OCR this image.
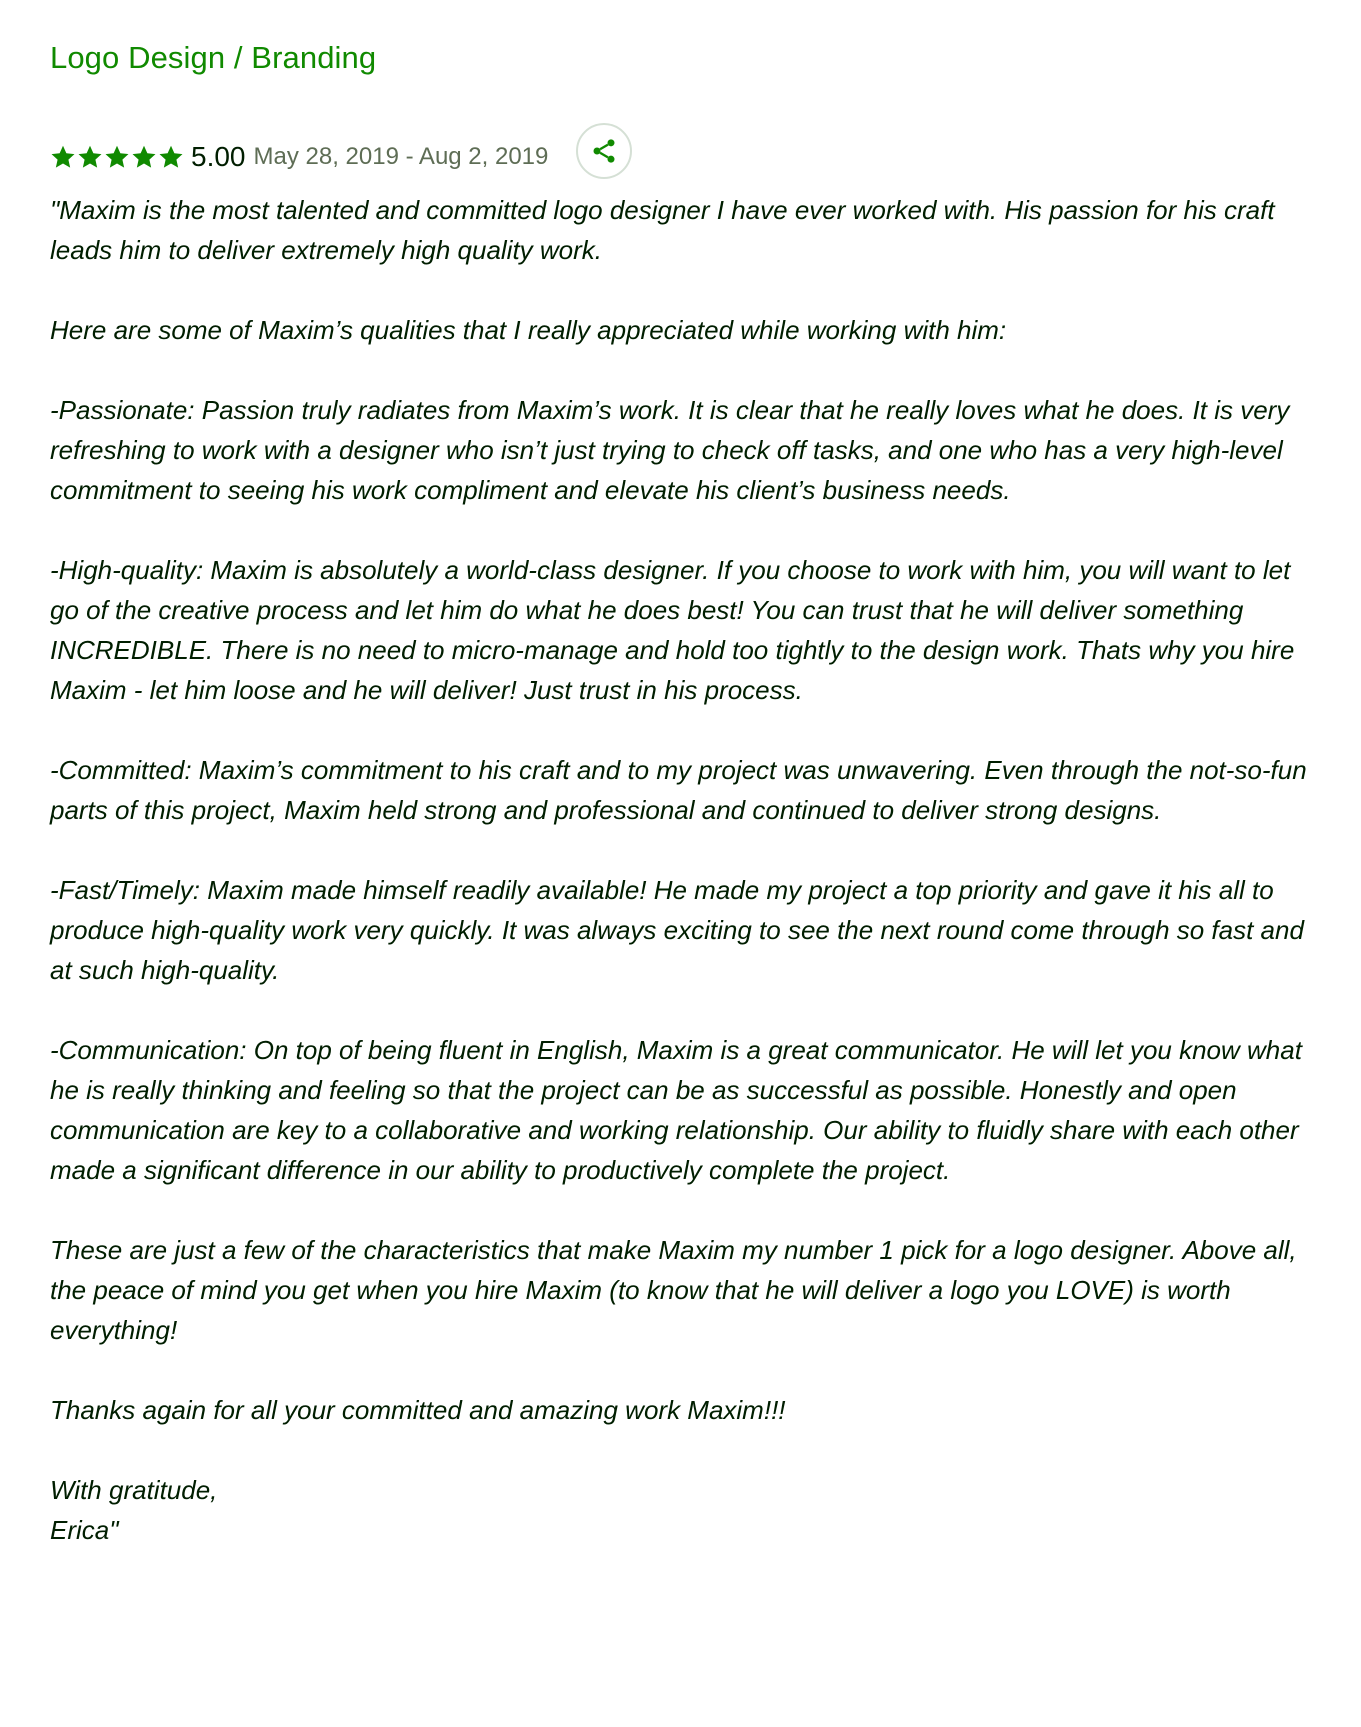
Logo Design / Branding
5.00 May 28, 2019 - Aug 2, 2019

"Maxim is the most talented and committed logo designer I have ever worked with. His passion for his craft leads him to deliver extremely high quality work.

Here are some of Maxim’s qualities that I really appreciated while working with him:

-Passionate: Passion truly radiates from Maxim’s work. It is clear that he really loves what he does. It is very refreshing to work with a designer who isn’t just trying to check off tasks, and one who has a very high-level commitment to seeing his work compliment and elevate his client’s business needs.

-High-quality: Maxim is absolutely a world-class designer. If you choose to work with him, you will want to let go of the creative process and let him do what he does best! You can trust that he will deliver something INCREDIBLE. There is no need to micro-manage and hold too tightly to the design work. Thats why you hire Maxim - let him loose and he will deliver! Just trust in his process.

-Committed: Maxim’s commitment to his craft and to my project was unwavering. Even through the not-so-fun parts of this project, Maxim held strong and professional and continued to deliver strong designs.

-Fast/Timely: Maxim made himself readily available! He made my project a top priority and gave it his all to produce high-quality work very quickly. It was always exciting to see the next round come through so fast and at such high-quality.

-Communication: On top of being fluent in English, Maxim is a great communicator. He will let you know what he is really thinking and feeling so that the project can be as successful as possible. Honestly and open communication are key to a collaborative and working relationship. Our ability to fluidly share with each other made a significant difference in our ability to productively complete the project.

These are just a few of the characteristics that make Maxim my number 1 pick for a logo designer. Above all, the peace of mind you get when you hire Maxim (to know that he will deliver a logo you LOVE) is worth everything!

Thanks again for all your committed and amazing work Maxim!!!

With gratitude,
Erica"
